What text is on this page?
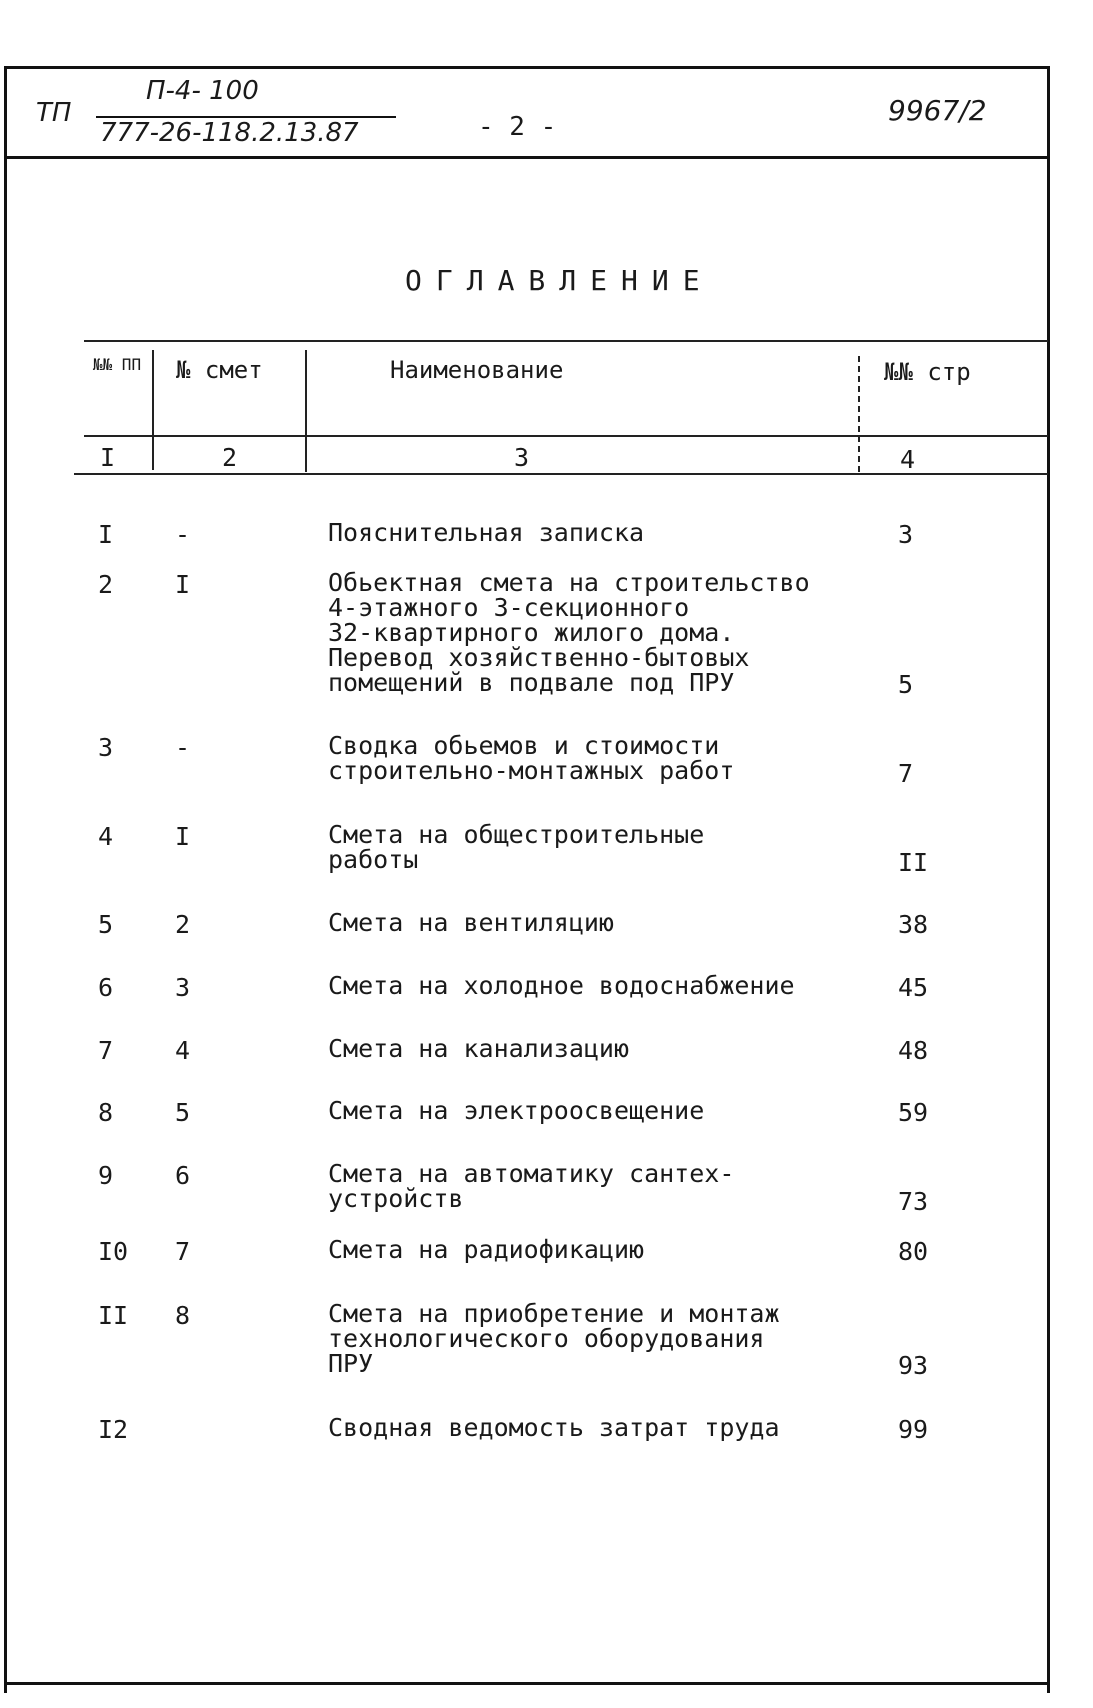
ТП
П-4- 100
777-26-118.2.13.87	- 2 -	9967/2
ОГЛАВЛЕНИЕ
№№ ПП № смет	Наименование	№№ стр
I	2	3	4
I -	Пояснительная записка	3
2 I	Обьектная смета на строительство
4-этажного 3-секционного
32-квартирного жилого дома.
Перевод хозяйственно-бытовых
помещений в подвале под ПРУ	5
3 -	Сводка обьемов и стоимости
строительно-монтажных работ	7
4 I	Смета на общестроительные
работы	II
5 2	Смета на вентиляцию	38
6 3	Смета на холодное водоснабжение	45
7 4	Смета на канализацию	48
8 5	Смета на электроосвещение	59
9 6	Смета на автоматику сантех-
устройств	73
I0 7	Смета на радиофикацию	80
II 8	Смета на приобретение и монтаж
технологического оборудования
ПРУ	93
I2	Сводная ведомость затрат труда	99
